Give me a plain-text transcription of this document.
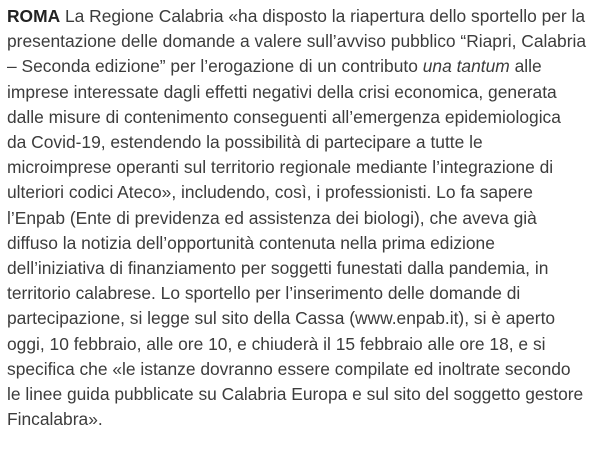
ROMA La Regione Calabria «ha disposto la riapertura dello sportello per la
presentazione delle domande a valere sull’avviso pubblico “Riapri, Calabria
– Seconda edizione” per l’erogazione di un contributo una tantum alle
imprese interessate dagli effetti negativi della crisi economica, generata
dalle misure di contenimento conseguenti all’emergenza epidemiologica
da Covid-19, estendendo la possibilità di partecipare a tutte le
microimprese operanti sul territorio regionale mediante l’integrazione di
ulteriori codici Ateco», includendo, così, i professionisti. Lo fa sapere
l’Enpab (Ente di previdenza ed assistenza dei biologi), che aveva già
diffuso la notizia dell’opportunità contenuta nella prima edizione
dell’iniziativa di finanziamento per soggetti funestati dalla pandemia, in
territorio calabrese. Lo sportello per l’inserimento delle domande di
partecipazione, si legge sul sito della Cassa (www.enpab.it), si è aperto
oggi, 10 febbraio, alle ore 10, e chiuderà il 15 febbraio alle ore 18, e si
specifica che «le istanze dovranno essere compilate ed inoltrate secondo
le linee guida pubblicate su Calabria Europa e sul sito del soggetto gestore
Fincalabra».
